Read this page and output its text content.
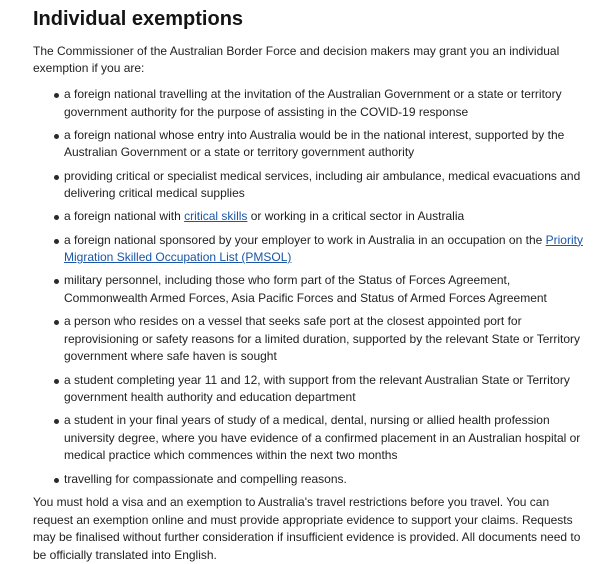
Individual exemptions

The Commissioner of the Australian Border Force and decision makers may grant you an individual exemption if you are:

a foreign national travelling at the invitation of the Australian Government or a state or territory government authority for the purpose of assisting in the COVID-19 response
a foreign national whose entry into Australia would be in the national interest, supported by the Australian Government or a state or territory government authority
providing critical or specialist medical services, including air ambulance, medical evacuations and delivering critical medical supplies
a foreign national with critical skills or working in a critical sector in Australia
a foreign national sponsored by your employer to work in Australia in an occupation on the Priority Migration Skilled Occupation List (PMSOL)
military personnel, including those who form part of the Status of Forces Agreement, Commonwealth Armed Forces, Asia Pacific Forces and Status of Armed Forces Agreement
a person who resides on a vessel that seeks safe port at the closest appointed port for reprovisioning or safety reasons for a limited duration, supported by the relevant State or Territory government where safe haven is sought
a student completing year 11 and 12, with support from the relevant Australian State or Territory government health authority and education department
a student in your final years of study of a medical, dental, nursing or allied health profession university degree, where you have evidence of a confirmed placement in an Australian hospital or medical practice which commences within the next two months
travelling for compassionate and compelling reasons.

You must hold a visa and an exemption to Australia's travel restrictions before you travel. You can request an exemption online and must provide appropriate evidence to support your claims. Requests may be finalised without further consideration if insufficient evidence is provided. All documents need to be officially translated into English.
